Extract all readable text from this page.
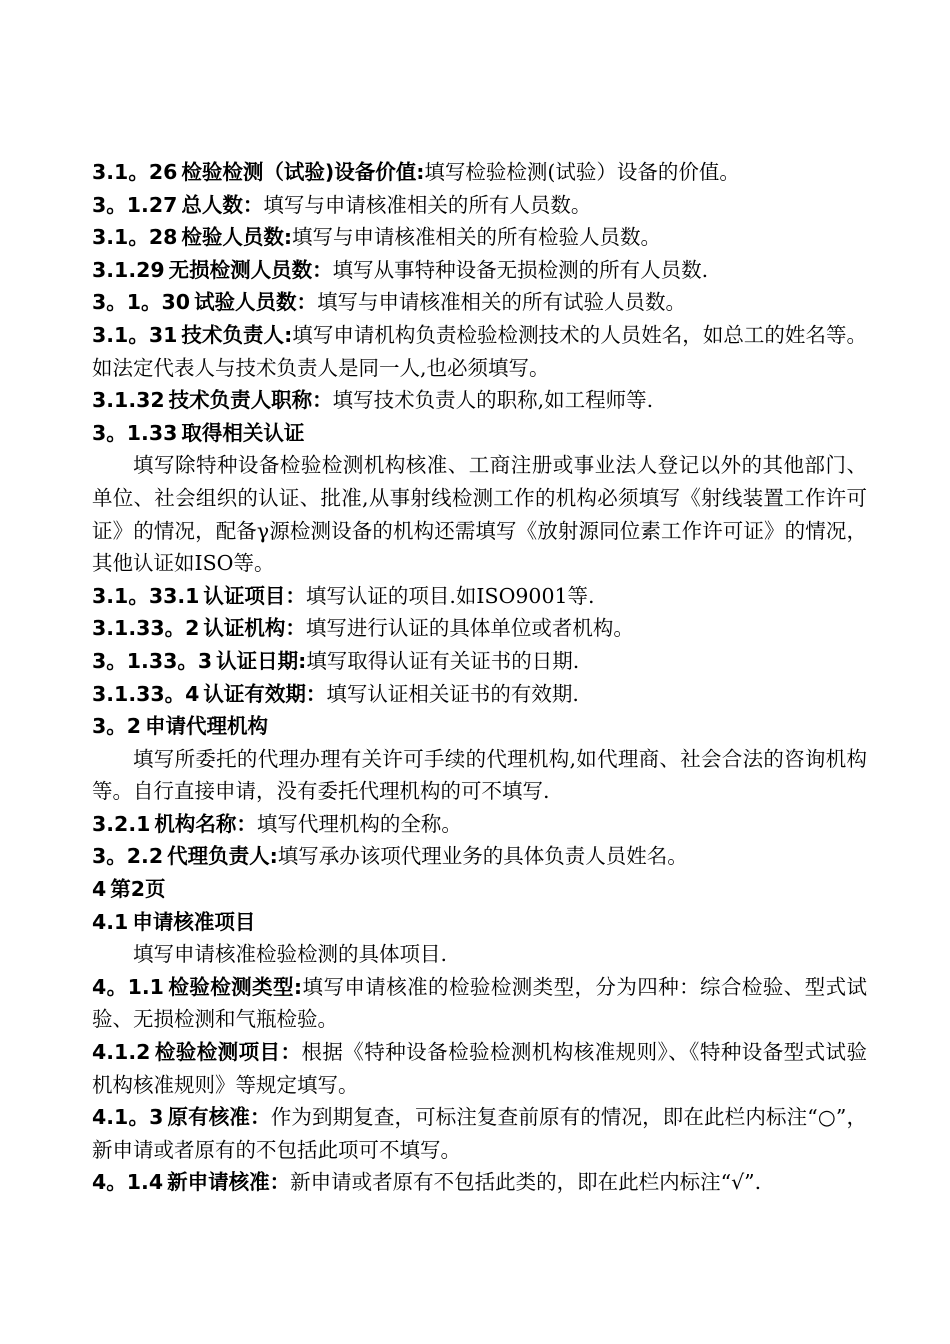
3.1。26 检验检测（试验)设备价值:填写检验检测(试验）设备的价值。

3。1.27 总人数：填写与申请核准相关的所有人员数。

3.1。28 检验人员数:填写与申请核准相关的所有检验人员数。

3.1.29 无损检测人员数：填写从事特种设备无损检测的所有人员数.

3。1。30 试验人员数：填写与申请核准相关的所有试验人员数。

3.1。31 技术负责人:填写申请机构负责检验检测技术的人员姓名，如总工的姓名等。如法定代表人与技术负责人是同一人,也必须填写。

3.1.32 技术负责人职称：填写技术负责人的职称,如工程师等.

3。1.33 取得相关认证

填写除特种设备检验检测机构核准、工商注册或事业法人登记以外的其他部门、单位、社会组织的认证、批准,从事射线检测工作的机构必须填写《射线装置工作许可证》的情况，配备γ源检测设备的机构还需填写《放射源同位素工作许可证》的情况，其他认证如ISO等。

3.1。33.1 认证项目：填写认证的项目.如ISO9001等.

3.1.33。2 认证机构：填写进行认证的具体单位或者机构。

3。1.33。3 认证日期:填写取得认证有关证书的日期.

3.1.33。4 认证有效期：填写认证相关证书的有效期.

3。2 申请代理机构

填写所委托的代理办理有关许可手续的代理机构,如代理商、社会合法的咨询机构等。自行直接申请，没有委托代理机构的可不填写.

3.2.1 机构名称：填写代理机构的全称。

3。2.2 代理负责人:填写承办该项代理业务的具体负责人员姓名。

4 第2页

4.1 申请核准项目

填写申请核准检验检测的具体项目.

4。1.1 检验检测类型:填写申请核准的检验检测类型，分为四种：综合检验、型式试验、无损检测和气瓶检验。

4.1.2 检验检测项目：根据《特种设备检验检测机构核准规则》、《特种设备型式试验机构核准规则》等规定填写。

4.1。3 原有核准：作为到期复查，可标注复查前原有的情况，即在此栏内标注“○”，新申请或者原有的不包括此项可不填写。

4。1.4 新申请核准：新申请或者原有不包括此类的，即在此栏内标注“√”.
